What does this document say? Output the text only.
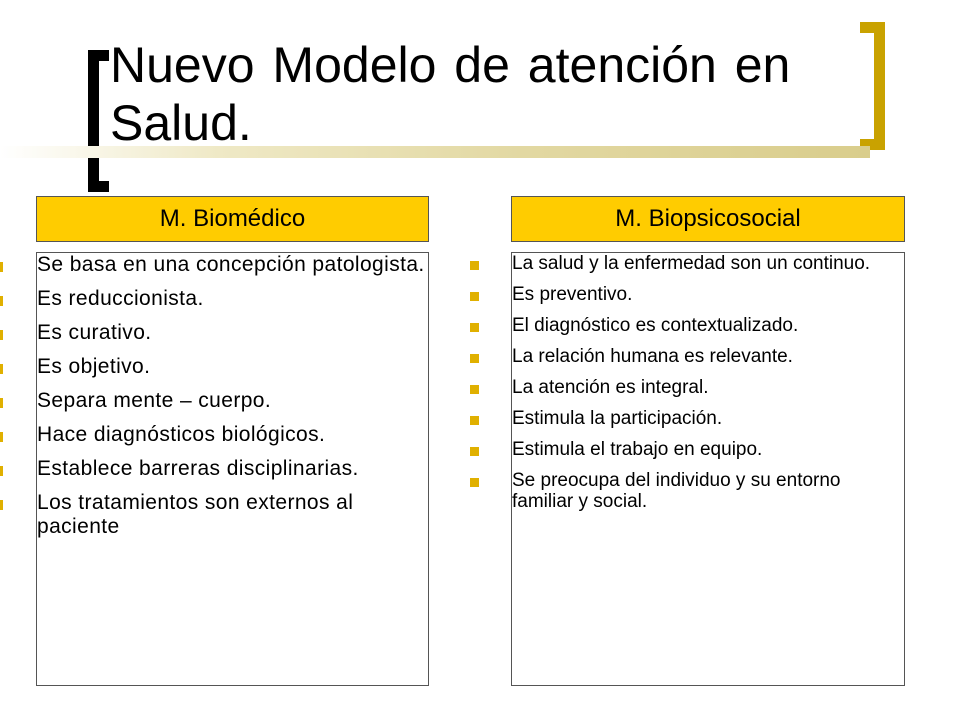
Nuevo Modelo de atención en Salud.
M. Biomédico	M. Biopsicosocial
Se basa en una concepción patologista.
Es reduccionista.
Es curativo.
Es objetivo.
Separa mente – cuerpo.
Hace diagnósticos biológicos.
Establece barreras disciplinarias.
Los tratamientos son externos al paciente
La salud y la enfermedad son un continuo.
Es preventivo.
El diagnóstico es contextualizado.
La relación humana es relevante.
La atención es integral.
Estimula la participación.
Estimula el trabajo en equipo.
Se preocupa del individuo y su entorno familiar y social.
